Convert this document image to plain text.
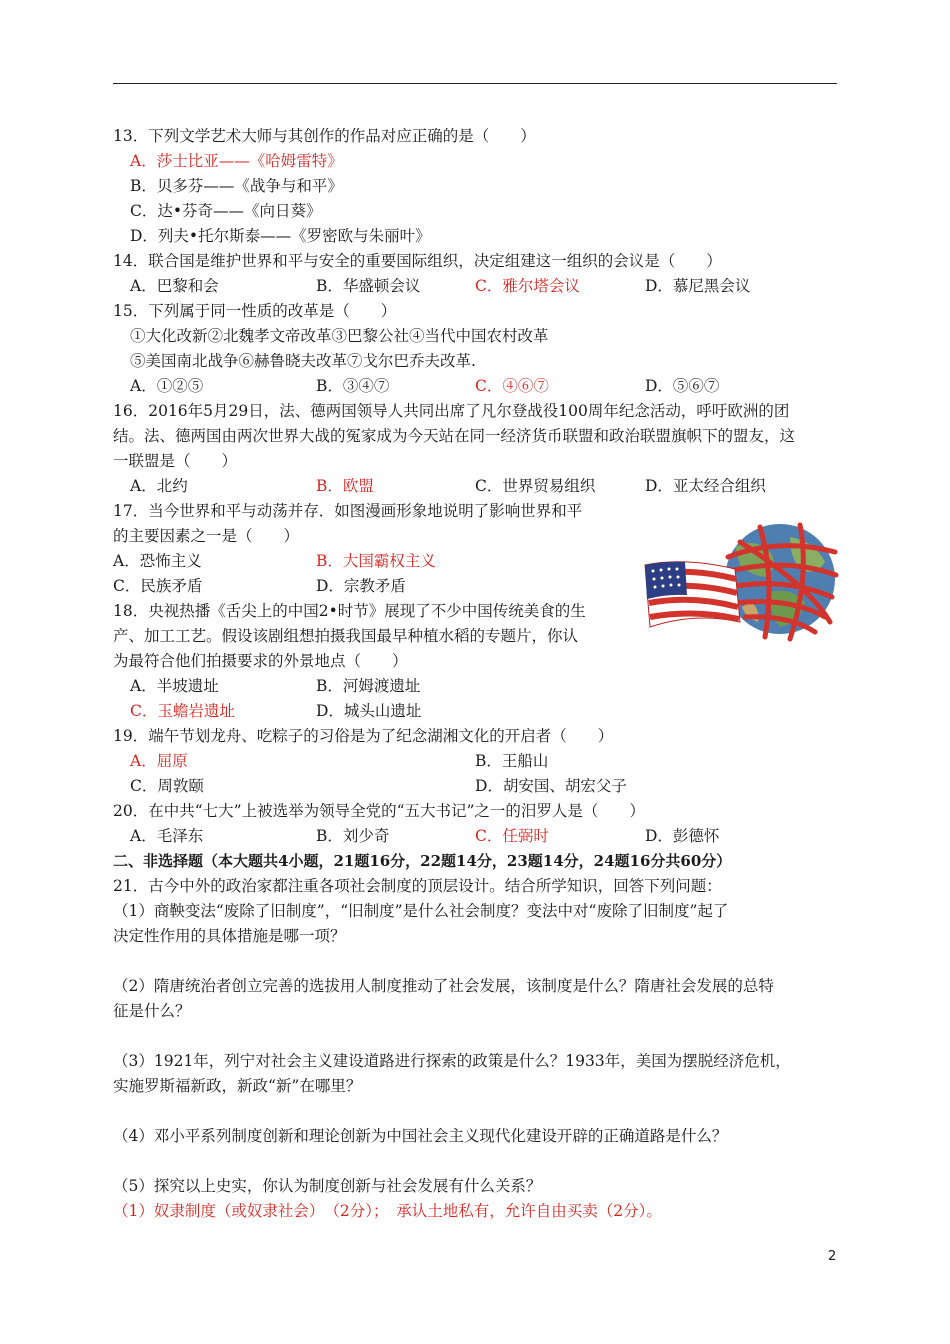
13．下列文学艺术大师与其创作的作品对应正确的是（　　）
A．莎士比亚——《哈姆雷特》
B．贝多芬——《战争与和平》
C．达•芬奇——《向日葵》
D．列夫•托尔斯泰——《罗密欧与朱丽叶》
14．联合国是维护世界和平与安全的重要国际组织，决定组建这一组织的会议是（　　）
A．巴黎和会	B．华盛顿会议	C．雅尔塔会议	D．慕尼黑会议
15．下列属于同一性质的改革是（　　）
①大化改新②北魏孝文帝改革③巴黎公社④当代中国农村改革
⑤美国南北战争⑥赫鲁晓夫改革⑦戈尔巴乔夫改革.
A．①②⑤	B．③④⑦	C．④⑥⑦	D．⑤⑥⑦
16．2016年5月29日，法、德两国领导人共同出席了凡尔登战役100周年纪念活动，呼吁欧洲的团
结。法、德两国由两次世界大战的冤家成为今天站在同一经济货币联盟和政治联盟旗帜下的盟友，这
一联盟是（　　）
A．北约	B．欧盟	C．世界贸易组织	D．亚太经合组织
17．当今世界和平与动荡并存．如图漫画形象地说明了影响世界和平
的主要因素之一是（　　）
A．恐怖主义	B．大国霸权主义
C．民族矛盾	D．宗教矛盾
18．央视热播《舌尖上的中国2•时节》展现了不少中国传统美食的生
产、加工工艺。假设该剧组想拍摄我国最早种植水稻的专题片，你认
为最符合他们拍摄要求的外景地点（　　）
A．半坡遗址	B．河姆渡遗址
C．玉蟾岩遗址	D．城头山遗址
19．端午节划龙舟、吃粽子的习俗是为了纪念湖湘文化的开启者（　　）
A．屈原	B．王船山
C．周敦颐	D．胡安国、胡宏父子
20．在中共“七大”上被选举为领导全党的“五大书记”之一的汨罗人是（　　）
A．毛泽东	B．刘少奇	C．任弼时	D．彭德怀
二、非选择题（本大题共4小题，21题16分，22题14分，23题14分，24题16分共60分）
21．古今中外的政治家都注重各项社会制度的顶层设计。结合所学知识，回答下列问题：
（1）商鞅变法“废除了旧制度”，“旧制度”是什么社会制度？变法中对“废除了旧制度”起了
决定性作用的具体措施是哪一项？
（2）隋唐统治者创立完善的选拔用人制度推动了社会发展，该制度是什么？隋唐社会发展的总特
征是什么？
（3）1921年，列宁对社会主义建设道路进行探索的政策是什么？1933年，美国为摆脱经济危机，
实施罗斯福新政，新政“新”在哪里？
（4）邓小平系列制度创新和理论创新为中国社会主义现代化建设开辟的正确道路是什么？
（5）探究以上史实，你认为制度创新与社会发展有什么关系？
（1）奴隶制度（或奴隶社会）　（2分）；　承认土地私有，允许自由买卖（2分）。
2
